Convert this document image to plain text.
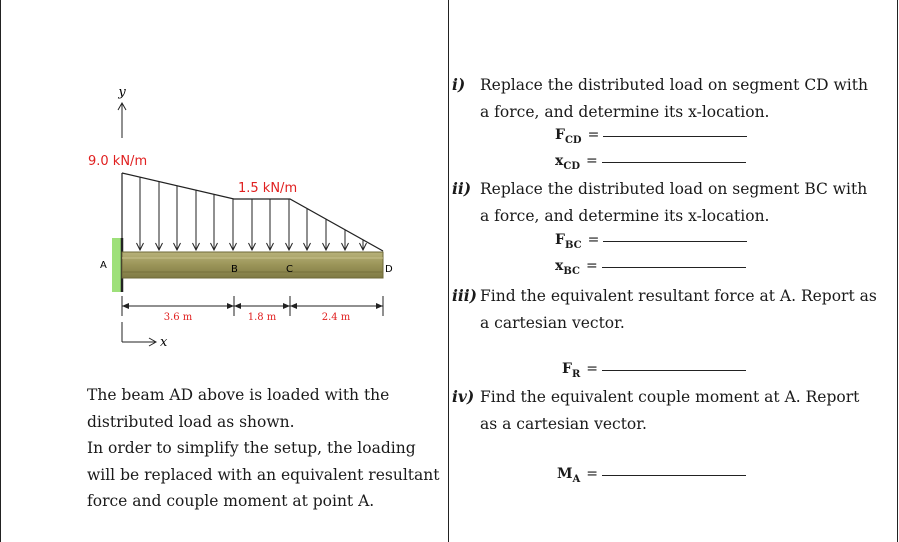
y
9.0 kN/m
1.5 kN/m
A	B	C	D
3.6 m	1.8 m	2.4 m
x

The beam AD above is loaded with the distributed load as shown.

In order to simplify the setup, the loading will be replaced with an equivalent resultant force and couple moment at point A.

i) Replace the distributed load on segment CD with a force, and determine its x-location.
$F_{CD}$ =
$x_{CD}$ =
ii) Replace the distributed load on segment BC with a force, and determine its x-location.
$F_{BC}$ =
$x_{BC}$ =
iii) Find the equivalent resultant force at A. Report as a cartesian vector.
$F_R$ =
iv) Find the equivalent couple moment at A. Report as a cartesian vector.
$M_A$ =
